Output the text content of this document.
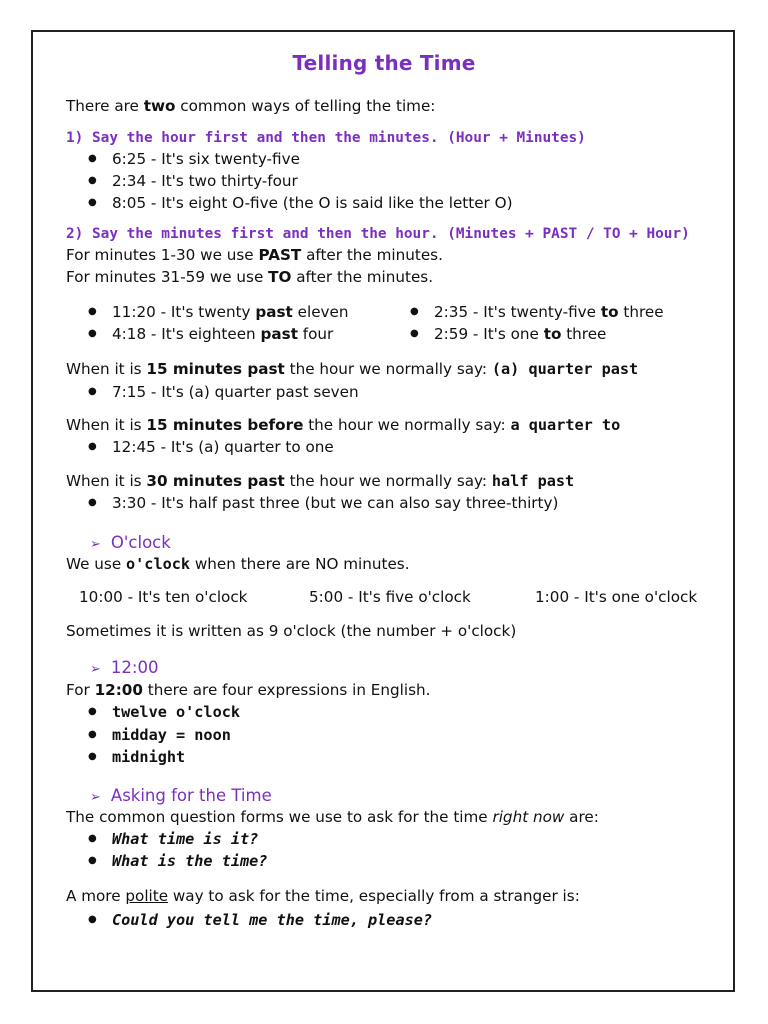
Telling the Time
There are two common ways of telling the time:
1) Say the hour first and then the minutes. (Hour + Minutes)
● 6:25 - It's six twenty-five
● 2:34 - It's two thirty-four
● 8:05 - It's eight O-five (the O is said like the letter O)
2) Say the minutes first and then the hour. (Minutes + PAST / TO + Hour)
For minutes 1-30 we use PAST after the minutes.
For minutes 31-59 we use TO after the minutes.
● 11:20 - It's twenty past eleven
● 4:18 - It's eighteen past four
● 2:35 - It's twenty-five to three
● 2:59 - It's one to three
When it is 15 minutes past the hour we normally say: (a) quarter past
● 7:15 - It's (a) quarter past seven
When it is 15 minutes before the hour we normally say: a quarter to
● 12:45 - It's (a) quarter to one
When it is 30 minutes past the hour we normally say: half past
● 3:30 - It's half past three (but we can also say three-thirty)
➢ O'clock
We use o'clock when there are NO minutes.
10:00 - It's ten o'clock	5:00 - It's five o'clock	1:00 - It's one o'clock
Sometimes it is written as 9 o'clock (the number + o'clock)
➢ 12:00
For 12:00 there are four expressions in English.
● twelve o'clock
● midday = noon
● midnight
➢ Asking for the Time
The common question forms we use to ask for the time right now are:
● What time is it?
● What is the time?
A more polite way to ask for the time, especially from a stranger is:
● Could you tell me the time, please?
